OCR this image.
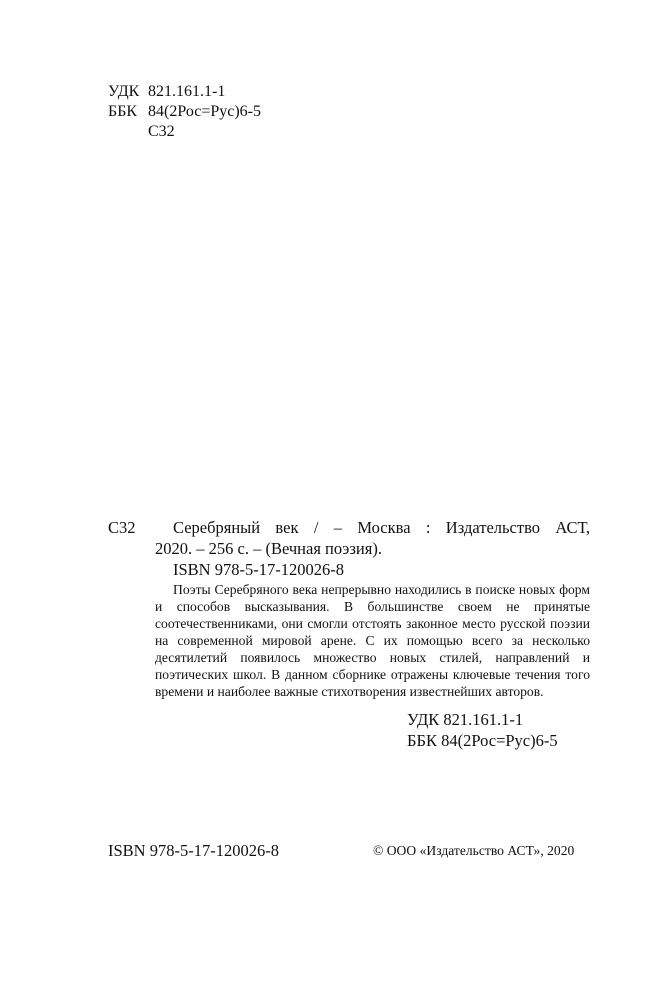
УДК 821.161.1-1
ББК 84(2Рос=Рус)6-5
С32
С32	Серебряный век / – Москва : Издательство АСТ,
2020. – 256 с. – (Вечная поэзия).
ISBN 978-5-17-120026-8
Поэты Серебряного века непрерывно находились в поиске новых форм и способов высказывания. В большинстве своем не принятые соотечественниками, они смогли отстоять законное место русской поэзии на современной мировой арене. С их помощью всего за несколько десятилетий появилось множество новых стилей, направлений и поэтических школ. В данном сборнике отражены ключевые течения того времени и наиболее важные стихотворения известнейших авторов.
УДК 821.161.1-1
ББК 84(2Рос=Рус)6-5
ISBN 978-5-17-120026-8	© ООО «Издательство АСТ», 2020
